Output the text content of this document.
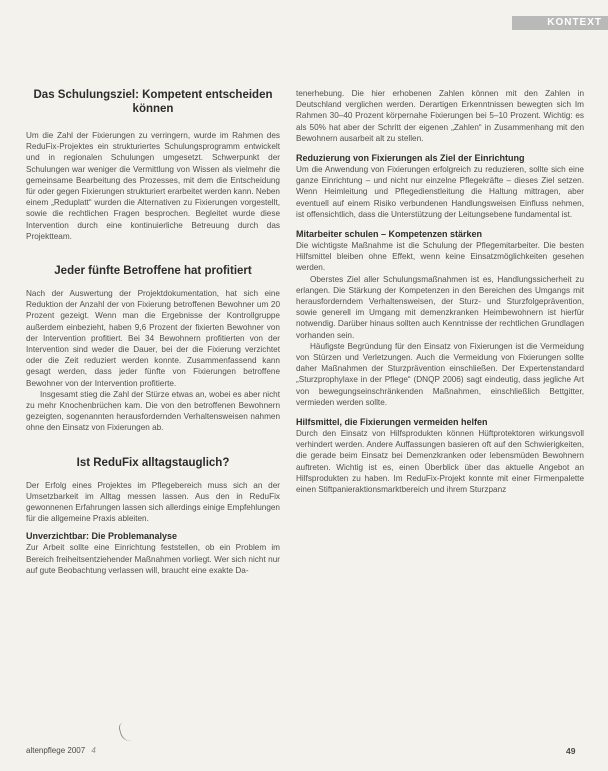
KONTEXT
Das Schulungsziel: Kompetent entscheiden können

Um die Zahl der Fixierungen zu verringern, wurde im Rahmen des ReduFix-Projektes ein strukturiertes Schulungsprogramm entwickelt und in regionalen Schulungen umgesetzt. Schwerpunkt der Schulungen war weniger die Vermittlung von Wissen als vielmehr die gemeinsame Bearbeitung des Prozesses, mit dem die Entscheidung für oder gegen Fixierungen strukturiert erarbeitet werden kann. Neben einem „Reduplatt“ wurden die Alternativen zu Fixierungen vorgestellt, sowie die rechtlichen Fragen besprochen. Begleitet wurde diese Intervention durch eine kontinuierliche Betreuung durch das Projektteam.

Jeder fünfte Betroffene hat profitiert

Nach der Auswertung der Projektdokumentation, hat sich eine Reduktion der Anzahl der von Fixierung betroffenen Bewohner um 20 Prozent gezeigt. Wenn man die Ergebnisse der Kontrollgruppe außerdem einbezieht, haben 9,6 Prozent der fixierten Bewohner von der Intervention profitiert. Bei 34 Bewohnern profitierten von der Intervention sind weder die Dauer, bei der die Fixierung verzichtet oder die Zeit reduziert werden konnte. Zusammenfassend kann gesagt werden, dass jeder fünfte von Fixierungen betroffene Bewohner von der Intervention profitierte.

Insgesamt stieg die Zahl der Stürze etwas an, wobei es aber nicht zu mehr Knochenbrüchen kam. Die von den betroffenen Bewohnern gezeigten, sogenannten herausfordernden Verhaltensweisen nahmen ohne den Einsatz von Fixierungen ab.

Ist ReduFix alltagstauglich?

Der Erfolg eines Projektes im Pflegebereich muss sich an der Umsetzbarkeit im Alltag messen lassen. Aus den in ReduFix gewonnenen Erfahrungen lassen sich allerdings einige Empfehlungen für die allgemeine Praxis ableiten.

Unverzichtbar: Die Problemanalyse

Zur Arbeit sollte eine Einrichtung feststellen, ob ein Problem im Bereich freiheitsentziehender Maßnahmen vorliegt. Wer sich nicht nur auf gute Beobachtung verlassen will, braucht eine exakte Da-

tenerhebung. Die hier erhobenen Zahlen können mit den Zahlen in Deutschland verglichen werden. Derartigen Erkenntnissen bewegten sich Im Rahmen 30–40 Prozent körpernahe Fixierungen bei 5–10 Prozent. Wichtig: es als 50% hat aber der Schritt der eigenen „Zahlen“ in Zusammenhang mit den Bewohnern ausarbeit alt zu stellen.

Reduzierung von Fixierungen als Ziel der Einrichtung

Um die Anwendung von Fixierungen erfolgreich zu reduzieren, sollte sich eine ganze Einrichtung – und nicht nur einzelne Pflegekräfte – dieses Ziel setzen. Wenn Heimleitung und Pflegedienstleitung die Haltung mittragen, aber eventuell auf einem Risiko verbundenen Handlungsweisen Einfluss nehmen, ist offensichtlich, dass die Unterstützung der Leitungsebene fundamental ist.

Mitarbeiter schulen – Kompetenzen stärken

Die wichtigste Maßnahme ist die Schulung der Pflegemitarbeiter. Die besten Hilfsmittel bleiben ohne Effekt, wenn keine Einsatzmöglichkeiten gesehen werden.

Oberstes Ziel aller Schulungsmaßnahmen ist es, Handlungssicherheit zu erlangen. Die Stärkung der Kompetenzen in den Bereichen des Umgangs mit herausforderndem Verhaltensweisen, der Sturz- und Sturzfolgeprävention, sowie generell im Umgang mit demenzkranken Heimbewohnern ist hierfür notwendig. Darüber hinaus sollten auch Kenntnisse der rechtlichen Grundlagen vorhanden sein.

Häufigste Begründung für den Einsatz von Fixierungen ist die Vermeidung von Stürzen und Verletzungen. Auch die Vermeidung von Fixierungen sollte daher Maßnahmen der Sturzprävention einschließen. Der Expertenstandard „Sturzprophylaxe in der Pflege“ (DNQP 2006) sagt eindeutig, dass jegliche Art von bewegungseinschränkenden Maßnahmen, einschließlich Bettgitter, vermieden werden sollte.

Hilfsmittel, die Fixierungen vermeiden helfen

Durch den Einsatz von Hilfsprodukten können Hüftprotektoren wirkungsvoll verhindert werden. Andere Auffassungen basieren oft auf den Schwierigkeiten, die gerade beim Einsatz bei Demenzkranken oder lebensmüden Bewohnern auftreten. Wichtig ist es, einen Überblick über das aktuelle Angebot an Hilfsprodukten zu haben. Im ReduFix-Projekt konnte mit einer Firmenpalette einen Stiftpanieraktionsmarktbereich und ihrem Sturzpanz

altenpflege 2007 4	49
